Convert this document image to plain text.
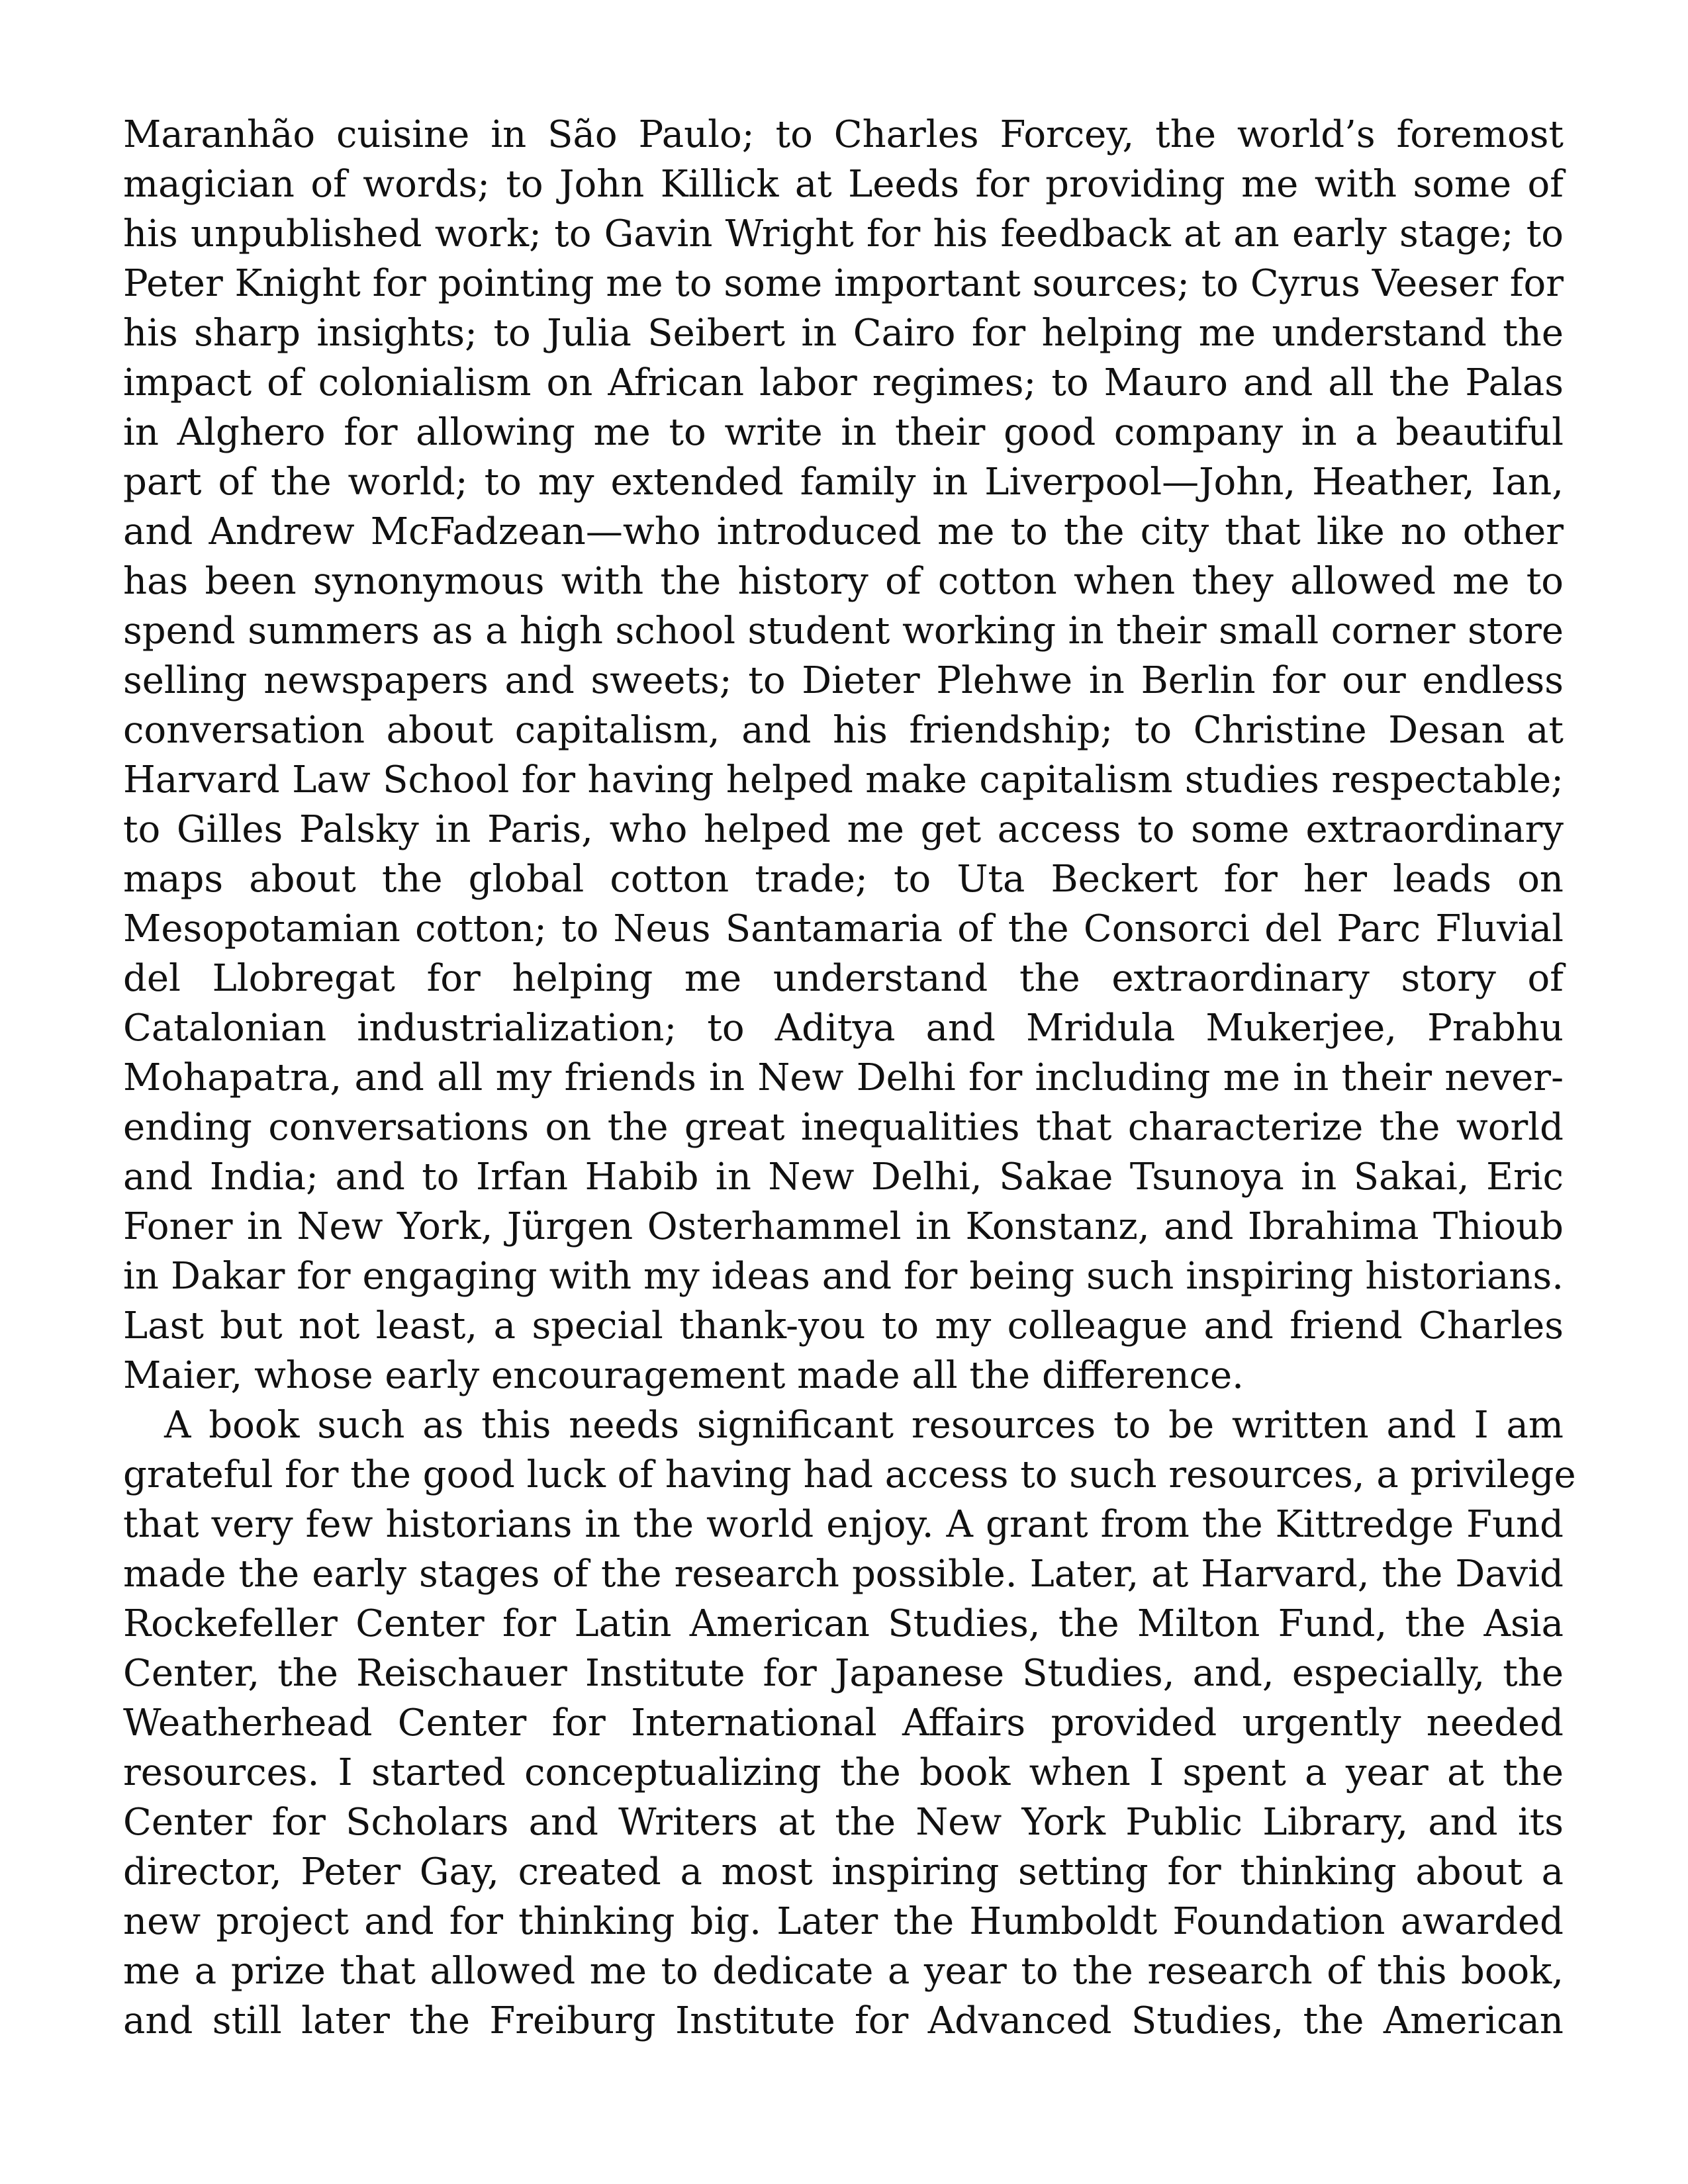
Maranhão cuisine in São Paulo; to Charles Forcey, the world’s foremost
magician of words; to John Killick at Leeds for providing me with some of
his unpublished work; to Gavin Wright for his feedback at an early stage; to
Peter Knight for pointing me to some important sources; to Cyrus Veeser for
his sharp insights; to Julia Seibert in Cairo for helping me understand the
impact of colonialism on African labor regimes; to Mauro and all the Palas
in Alghero for allowing me to write in their good company in a beautiful
part of the world; to my extended family in Liverpool—John, Heather, Ian,
and Andrew McFadzean—who introduced me to the city that like no other
has been synonymous with the history of cotton when they allowed me to
spend summers as a high school student working in their small corner store
selling newspapers and sweets; to Dieter Plehwe in Berlin for our endless
conversation about capitalism, and his friendship; to Christine Desan at
Harvard Law School for having helped make capitalism studies respectable;
to Gilles Palsky in Paris, who helped me get access to some extraordinary
maps about the global cotton trade; to Uta Beckert for her leads on
Mesopotamian cotton; to Neus Santamaria of the Consorci del Parc Fluvial
del Llobregat for helping me understand the extraordinary story of
Catalonian industrialization; to Aditya and Mridula Mukerjee, Prabhu
Mohapatra, and all my friends in New Delhi for including me in their never-
ending conversations on the great inequalities that characterize the world
and India; and to Irfan Habib in New Delhi, Sakae Tsunoya in Sakai, Eric
Foner in New York, Jürgen Osterhammel in Konstanz, and Ibrahima Thioub
in Dakar for engaging with my ideas and for being such inspiring historians.
Last but not least, a special thank-you to my colleague and friend Charles
Maier, whose early encouragement made all the difference.
A book such as this needs significant resources to be written and I am
grateful for the good luck of having had access to such resources, a privilege
that very few historians in the world enjoy. A grant from the Kittredge Fund
made the early stages of the research possible. Later, at Harvard, the David
Rockefeller Center for Latin American Studies, the Milton Fund, the Asia
Center, the Reischauer Institute for Japanese Studies, and, especially, the
Weatherhead Center for International Affairs provided urgently needed
resources. I started conceptualizing the book when I spent a year at the
Center for Scholars and Writers at the New York Public Library, and its
director, Peter Gay, created a most inspiring setting for thinking about a
new project and for thinking big. Later the Humboldt Foundation awarded
me a prize that allowed me to dedicate a year to the research of this book,
and still later the Freiburg Institute for Advanced Studies, the American
